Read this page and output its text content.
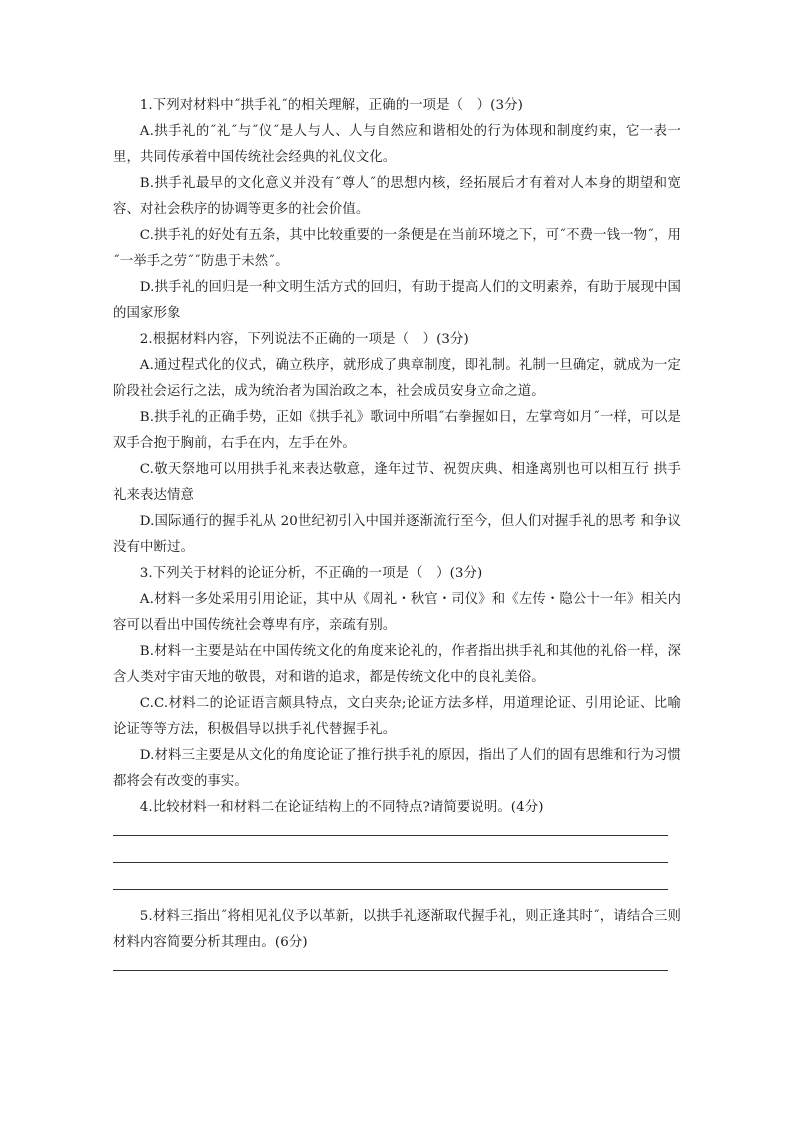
1.下列对材料中˝拱手礼˝的相关理解，正确的一项是（　）(3分)

A.拱手礼的˝礼˝与˝仪˝是人与人、人与自然应和谐相处的行为体现和制度约束，它一表一里，共同传承着中国传统社会经典的礼仪文化。

B.拱手礼最早的文化意义并没有˝尊人˝的思想内核，经拓展后才有着对人本身的期望和宽容、对社会秩序的协调等更多的社会价值。

C.拱手礼的好处有五条，其中比较重要的一条便是在当前环境之下，可˝不费一钱一物˝，用˝一举手之劳˝˝防患于未然˝。

D.拱手礼的回归是一种文明生活方式的回归，有助于提高人们的文明素养，有助于展现中国的国家形象

2.根据材料内容，下列说法不正确的一项是（　）(3分)

A.通过程式化的仪式，确立秩序，就形成了典章制度，即礼制。礼制一旦确定，就成为一定阶段社会运行之法，成为统治者为国治政之本，社会成员安身立命之道。

B.拱手礼的正确手势，正如《拱手礼》歌词中所唱˝右拳握如日，左掌弯如月˝一样，可以是双手合抱于胸前，右手在内，左手在外。

C.敬天祭地可以用拱手礼来表达敬意，逢年过节、祝贺庆典、相逢离别也可以相互行 拱手礼来表达情意

D.国际通行的握手礼从 20世纪初引入中国并逐渐流行至今，但人们对握手礼的思考 和争议没有中断过。

3.下列关于材料的论证分析，不正确的一项是（　）(3分)

A.材料一多处采用引用论证，其中从《周礼・秋官・司仪》和《左传・隐公十一年》相关内容可以看出中国传统社会尊卑有序，亲疏有别。

B.材料一主要是站在中国传统文化的角度来论礼的，作者指出拱手礼和其他的礼俗一样，深含人类对宇宙天地的敬畏，对和谐的追求，都是传统文化中的良礼美俗。

C.C.材料二的论证语言颇具特点，文白夹杂;论证方法多样，用道理论证、引用论证、比喻论证等等方法，积极倡导以拱手礼代替握手礼。

D.材料三主要是从文化的角度论证了推行拱手礼的原因，指出了人们的固有思维和行为习惯都将会有改变的事实。

4.比较材料一和材料二在论证结构上的不同特点?请简要说明。(4分)

5.材料三指出˝将相见礼仪予以革新，以拱手礼逐渐取代握手礼，则正逢其时˝，请结合三则材料内容简要分析其理由。(6分)
